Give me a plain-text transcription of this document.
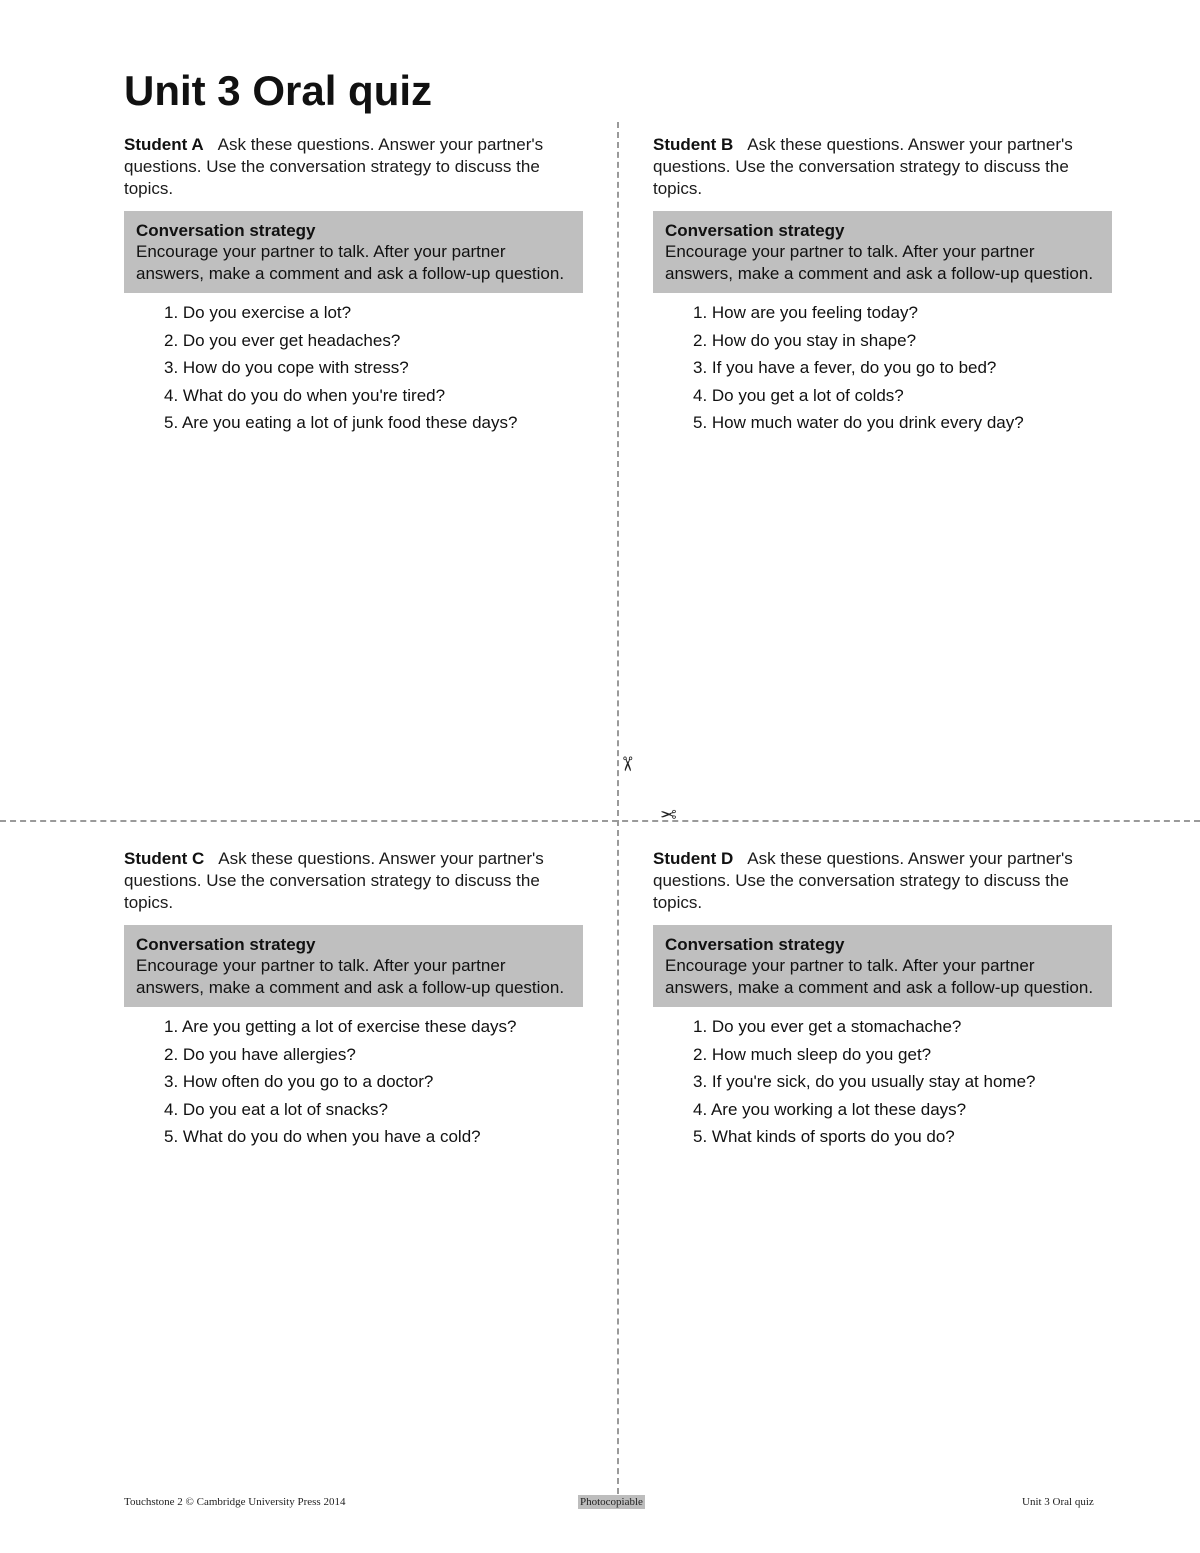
Unit 3 Oral quiz
✂
✂

Student A Ask these questions. Answer your partner's questions. Use the conversation strategy to discuss the topics.

Conversation strategy
Encourage your partner to talk. After your partner answers, make a comment and ask a follow-up question.
1. Do you exercise a lot?
2. Do you ever get headaches?
3. How do you cope with stress?
4. What do you do when you're tired?
5. Are you eating a lot of junk food these days?

Student B Ask these questions. Answer your partner's questions. Use the conversation strategy to discuss the topics.

Conversation strategy
Encourage your partner to talk. After your partner answers, make a comment and ask a follow-up question.
1. How are you feeling today?
2. How do you stay in shape?
3. If you have a fever, do you go to bed?
4. Do you get a lot of colds?
5. How much water do you drink every day?

Student C Ask these questions. Answer your partner's questions. Use the conversation strategy to discuss the topics.

Conversation strategy
Encourage your partner to talk. After your partner answers, make a comment and ask a follow-up question.
1. Are you getting a lot of exercise these days?
2. Do you have allergies?
3. How often do you go to a doctor?
4. Do you eat a lot of snacks?
5. What do you do when you have a cold?

Student D Ask these questions. Answer your partner's questions. Use the conversation strategy to discuss the topics.

Conversation strategy
Encourage your partner to talk. After your partner answers, make a comment and ask a follow-up question.
1. Do you ever get a stomachache?
2. How much sleep do you get?
3. If you're sick, do you usually stay at home?
4. Are you working a lot these days?
5. What kinds of sports do you do?
Touchstone 2 © Cambridge University Press 2014	Photocopiable	Unit 3 Oral quiz
